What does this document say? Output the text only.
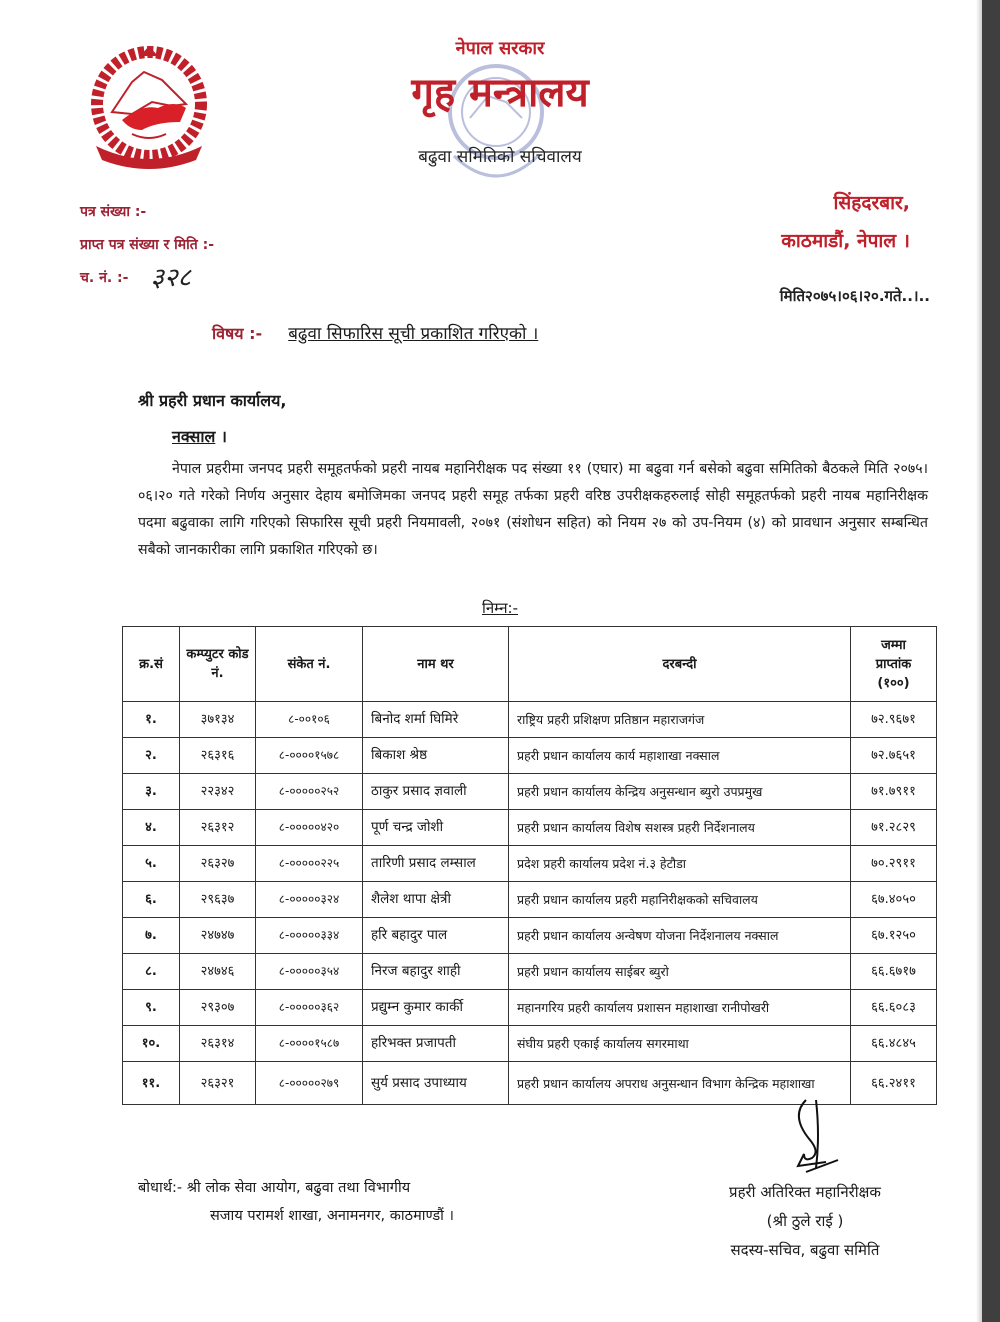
नेपाल सरकार
गृह मन्त्रालय
बढुवा समितिको सचिवालय
पत्र संख्या :-
प्राप्त पत्र संख्या र मिति :-
च. नं. :- ३२८
सिंहदरबार,
काठमाडौं, नेपाल ।
मिति२०७५।०६।२०.गते..।..
विषय :- बढुवा सिफारिस सूची प्रकाशित गरिएको ।
श्री प्रहरी प्रधान कार्यालय,
नक्साल ।
नेपाल प्रहरीमा जनपद प्रहरी समूहतर्फको प्रहरी नायब महानिरीक्षक पद संख्या ११ (एघार) मा बढुवा गर्न बसेको बढुवा समितिको बैठकले मिति २०७५।०६।२० गते गरेको निर्णय अनुसार देहाय बमोजिमका जनपद प्रहरी समूह तर्फका प्रहरी वरिष्ठ उपरीक्षकहरुलाई सोही समूहतर्फको प्रहरी नायब महानिरीक्षक पदमा बढुवाका लागि गरिएको सिफारिस सूची प्रहरी नियमावली, २०७१ (संशोधन सहित) को नियम २७ को उप-नियम (४) को प्रावधान अनुसार सम्बन्धित सबैको जानकारीका लागि प्रकाशित गरिएको छ।
निम्न:-
क्र.सं	कम्प्युटर कोड नं.	संकेत नं.	नाम थर	दरबन्दी	जम्मा
प्राप्तांक
(१००)

१.	३७१३४	८-००१०६	बिनोद शर्मा घिमिरे	राष्ट्रिय प्रहरी प्रशिक्षण प्रतिष्ठान महाराजगंज	७२.९६७१
२.	२६३१६	८-००००१५७८	बिकाश श्रेष्ठ	प्रहरी प्रधान कार्यालय कार्य महाशाखा नक्साल	७२.७६५१
३.	२२३४२	८-०००००२५२	ठाकुर प्रसाद ज्ञवाली	प्रहरी प्रधान कार्यालय केन्द्रिय अनुसन्धान ब्युरो उपप्रमुख	७१.७९११
४.	२६३१२	८-०००००४२०	पूर्ण चन्द्र जोशी	प्रहरी प्रधान कार्यालय विशेष सशस्त्र प्रहरी निर्देशनालय	७१.२८२९
५.	२६३२७	८-०००००२२५	तारिणी प्रसाद लम्साल	प्रदेश प्रहरी कार्यालय प्रदेश नं.३ हेटौडा	७०.२९११
६.	२९६३७	८-०००००३२४	शैलेश थापा क्षेत्री	प्रहरी प्रधान कार्यालय प्रहरी महानिरीक्षकको सचिवालय	६७.४०५०
७.	२४७४७	८-०००००३३४	हरि बहादुर पाल	प्रहरी प्रधान कार्यालय अन्वेषण योजना निर्देशनालय नक्साल	६७.१२५०
८.	२४७४६	८-०००००३५४	निरज बहादुर शाही	प्रहरी प्रधान कार्यालय साईबर ब्युरो	६६.६७१७
९.	२९३०७	८-०००००३६२	प्रद्युम्न कुमार कार्की	महानगरिय प्रहरी कार्यालय प्रशासन महाशाखा रानीपोखरी	६६.६०८३
१०.	२६३१४	८-००००१५८७	हरिभक्त प्रजापती	संघीय प्रहरी एकाई कार्यालय सगरमाथा	६६.४८४५
११.	२६३२१	८-०००००२७९	सुर्य प्रसाद उपाध्याय	प्रहरी प्रधान कार्यालय अपराध अनुसन्धान विभाग केन्द्रिक महाशाखा	६६.२४११
बोधार्थ:- श्री लोक सेवा आयोग, बढुवा तथा विभागीय
सजाय परामर्श शाखा, अनामनगर, काठमाण्डौं ।
प्रहरी अतिरिक्त महानिरीक्षक
(श्री ठुले राई )
सदस्य-सचिव, बढुवा समिति
